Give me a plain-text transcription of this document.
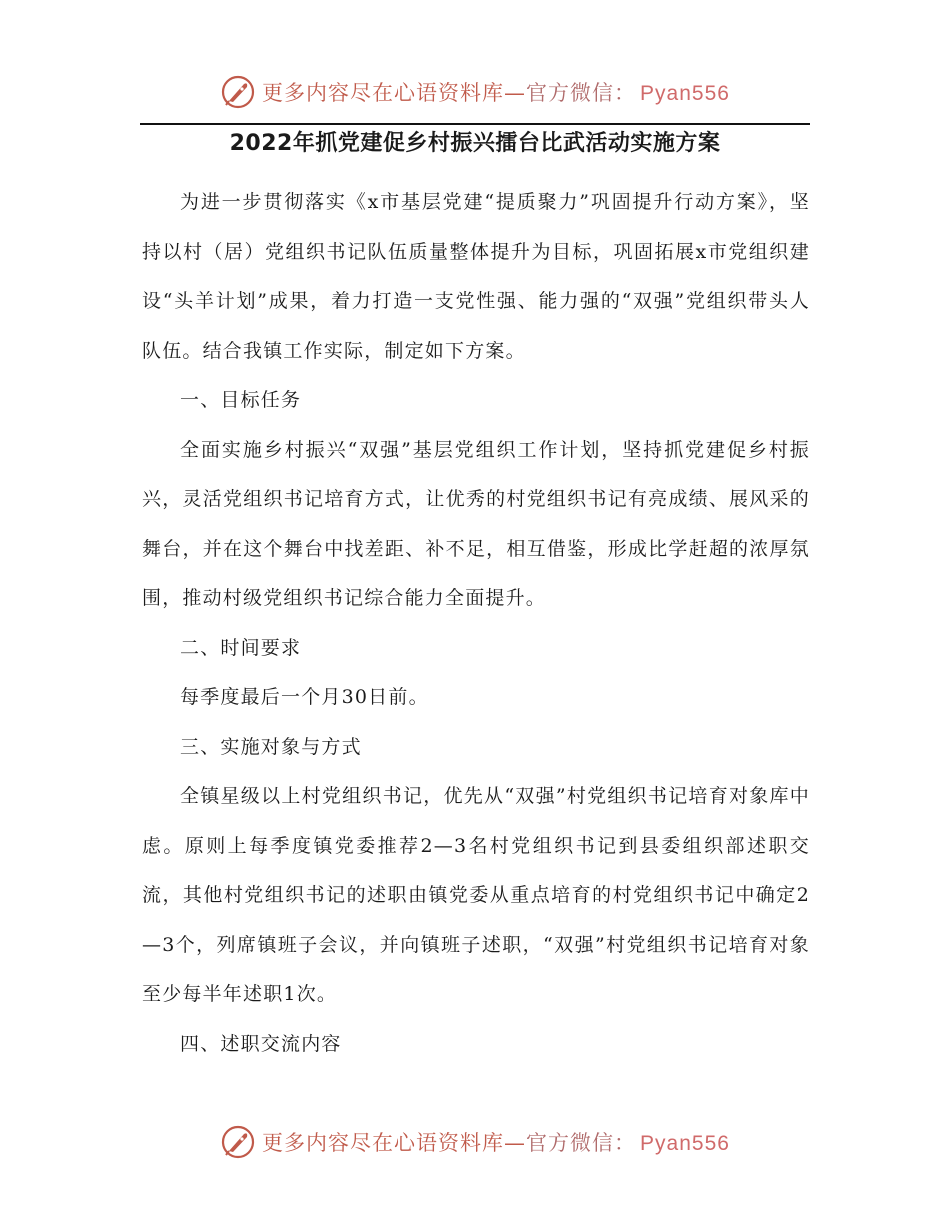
更多内容尽在心语资料库—官方微信： Pyan556
2022年抓党建促乡村振兴擂台比武活动实施方案

为进一步贯彻落实《x市基层党建“提质聚力”巩固提升行动方案》，坚持以村（居）党组织书记队伍质量整体提升为目标，巩固拓展x市党组织建设“头羊计划”成果，着力打造一支党性强、能力强的“双强”党组织带头人队伍。结合我镇工作实际，制定如下方案。

一、目标任务

全面实施乡村振兴“双强”基层党组织工作计划，坚持抓党建促乡村振兴，灵活党组织书记培育方式，让优秀的村党组织书记有亮成绩、展风采的舞台，并在这个舞台中找差距、补不足，相互借鉴，形成比学赶超的浓厚氛围，推动村级党组织书记综合能力全面提升。

二、时间要求

每季度最后一个月30日前。

三、实施对象与方式

全镇星级以上村党组织书记，优先从“双强”村党组织书记培育对象库中虑。原则上每季度镇党委推荐2—3名村党组织书记到县委组织部述职交流，其他村党组织书记的述职由镇党委从重点培育的村党组织书记中确定2—3个，列席镇班子会议，并向镇班子述职，“双强”村党组织书记培育对象至少每半年述职1次。

四、述职交流内容

更多内容尽在心语资料库—官方微信： Pyan556
